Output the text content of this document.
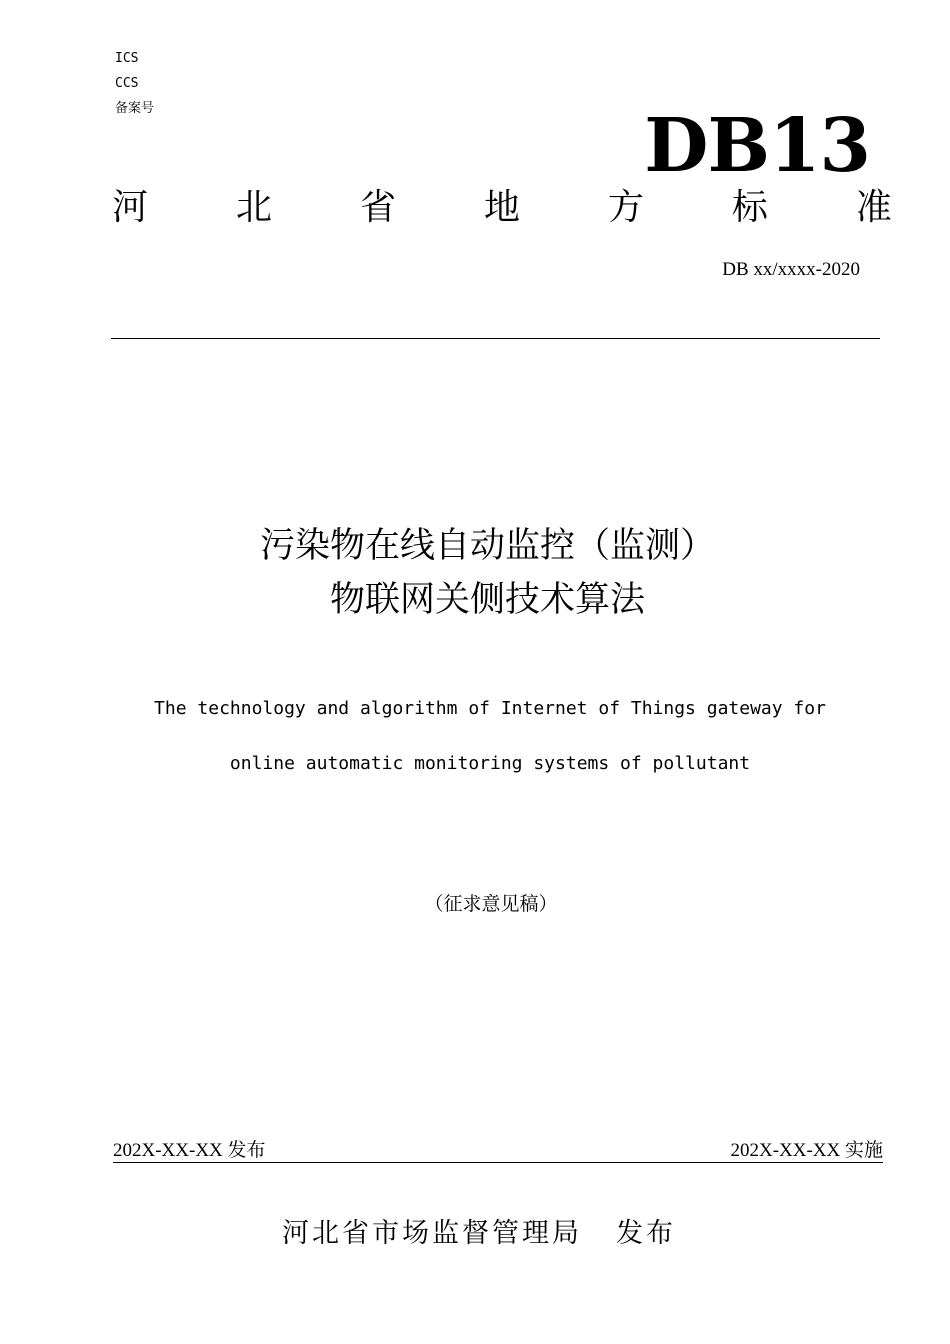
ICS
CCS
备案号	DB13
河 北 省 地 方 标 准
DB xx/xxxx-2020
污染物在线自动监控（监测）
物联网关侧技术算法
The technology and algorithm of Internet of Things gateway for
online automatic monitoring systems of pollutant
（征求意见稿）
202X-XX-XX 发布	202X-XX-XX 实施
河北省市场监督管理局 发布
